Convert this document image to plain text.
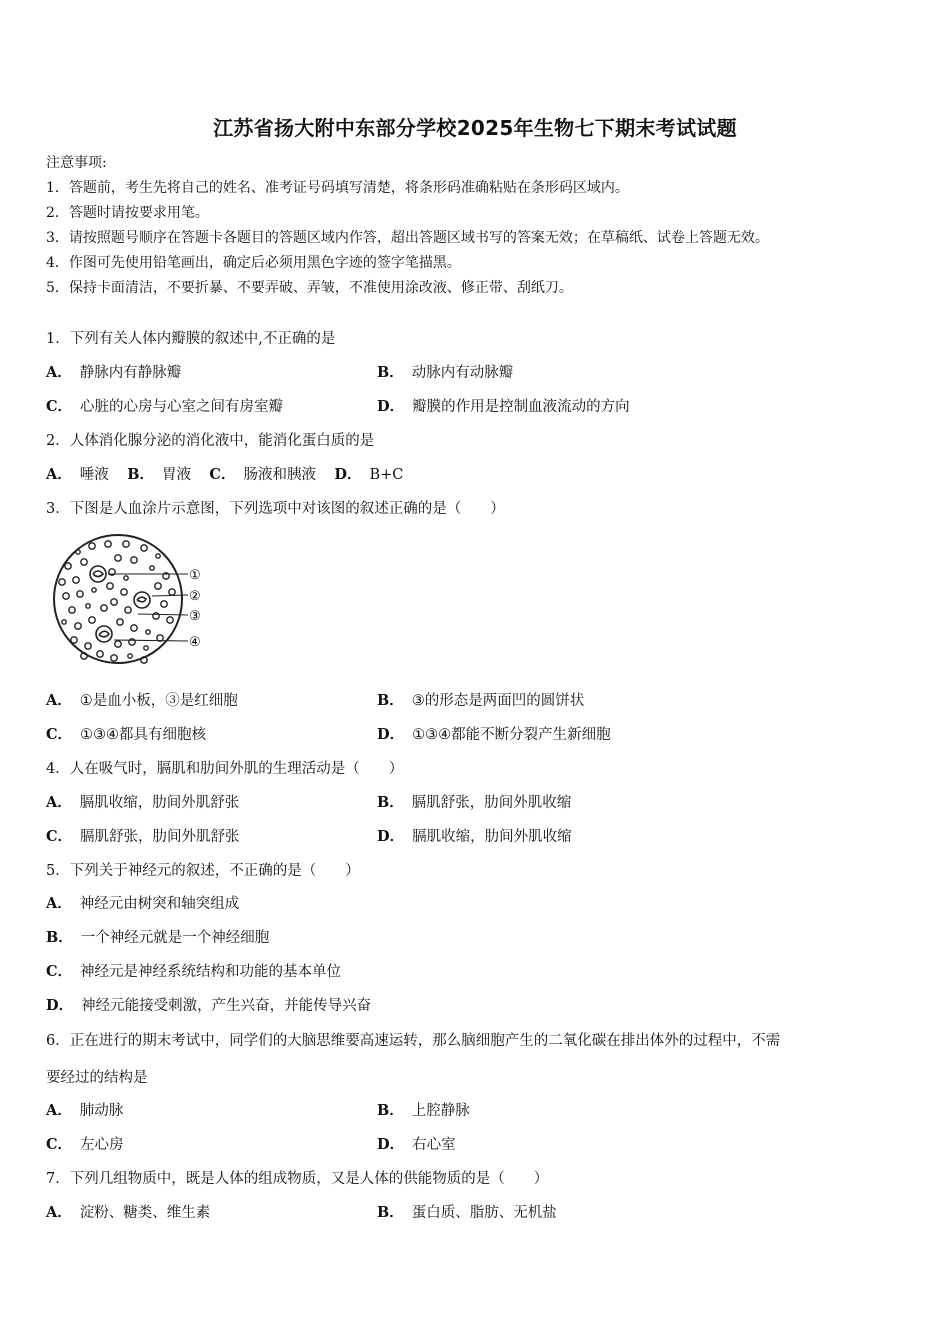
江苏省扬大附中东部分学校2025年生物七下期末考试试题
注意事项:
1．答题前，考生先将自己的姓名、准考证号码填写清楚，将条形码准确粘贴在条形码区域内。
2．答题时请按要求用笔。
3．请按照题号顺序在答题卡各题目的答题区域内作答，超出答题区域书写的答案无效；在草稿纸、试卷上答题无效。
4．作图可先使用铅笔画出，确定后必须用黑色字迹的签字笔描黑。
5．保持卡面清洁，不要折暴、不要弄破、弄皱，不准使用涂改液、修正带、刮纸刀。
1．下列有关人体内瓣膜的叙述中,不正确的是
A． 静脉内有静脉瓣	B． 动脉内有动脉瓣
C． 心脏的心房与心室之间有房室瓣	D． 瓣膜的作用是控制血液流动的方向
2．人体消化腺分泌的消化液中，能消化蛋白质的是
A． 唾液 B． 胃液 C． 肠液和胰液 D． B+C
3．下图是人血涂片示意图，下列选项中对该图的叙述正确的是（　　）
①
②
③
④
A． ①是血小板，③是红细胞	B． ③的形态是两面凹的圆饼状
C． ①③④都具有细胞核	D． ①③④都能不断分裂产生新细胞
4．人在吸气时，膈肌和肋间外肌的生理活动是（　　）
A． 膈肌收缩，肋间外肌舒张	B． 膈肌舒张，肋间外肌收缩
C． 膈肌舒张，肋间外肌舒张	D． 膈肌收缩，肋间外肌收缩
5．下列关于神经元的叙述，不正确的是（　　）
A． 神经元由树突和轴突组成
B． 一个神经元就是一个神经细胞
C． 神经元是神经系统结构和功能的基本单位
D． 神经元能接受刺激，产生兴奋，并能传导兴奋
6．正在进行的期末考试中，同学们的大脑思维要高速运转，那么脑细胞产生的二氧化碳在排出体外的过程中，不需
要经过的结构是
A． 肺动脉	B． 上腔静脉
C． 左心房	D． 右心室
7．下列几组物质中，既是人体的组成物质，又是人体的供能物质的是（　　）
A． 淀粉、糖类、维生素	B． 蛋白质、脂肪、无机盐
